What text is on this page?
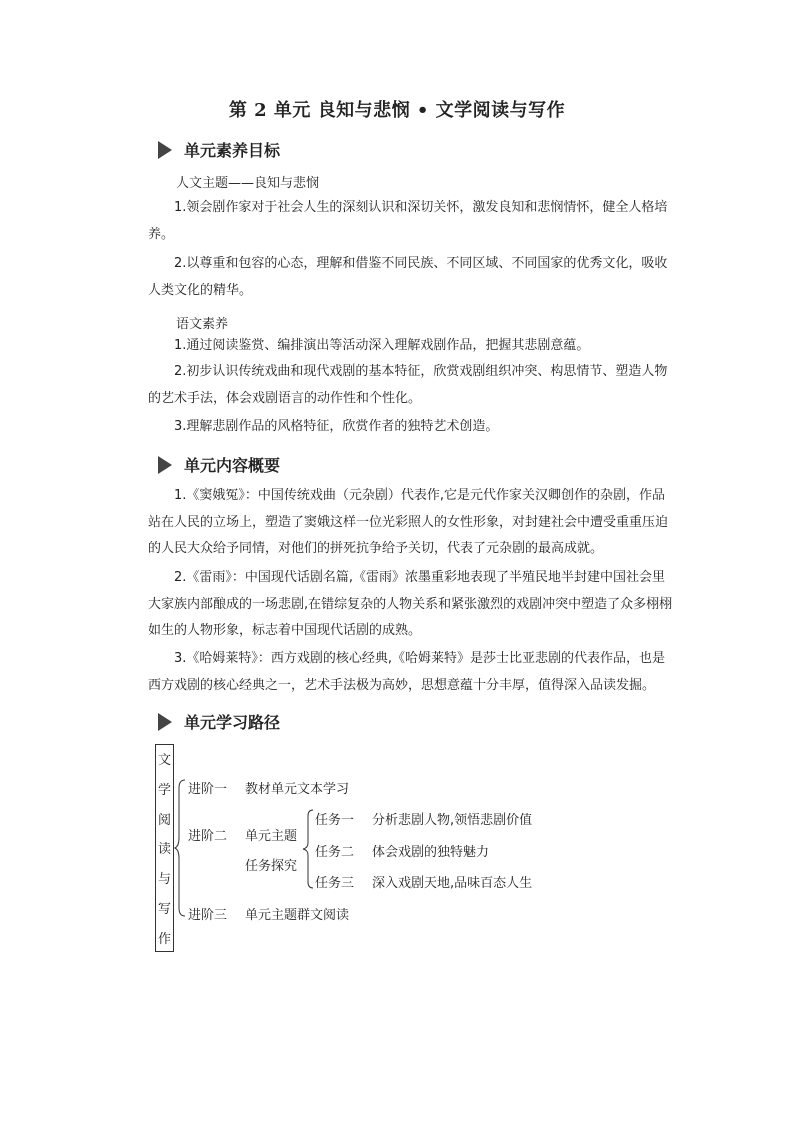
第 2 单元 良知与悲悯 • 文学阅读与写作
单元素养目标
人文主题——良知与悲悯
1.领会剧作家对于社会人生的深刻认识和深切关怀，激发良知和悲悯情怀，健全人格培养。
2.以尊重和包容的心态，理解和借鉴不同民族、不同区域、不同国家的优秀文化，吸收人类文化的精华。
语文素养
1.通过阅读鉴赏、编排演出等活动深入理解戏剧作品，把握其悲剧意蕴。
2.初步认识传统戏曲和现代戏剧的基本特征，欣赏戏剧组织冲突、构思情节、塑造人物的艺术手法，体会戏剧语言的动作性和个性化。
3.理解悲剧作品的风格特征，欣赏作者的独特艺术创造。
单元内容概要
1.《窦娥冤》：中国传统戏曲（元杂剧）代表作,它是元代作家关汉卿创作的杂剧，作品站在人民的立场上，塑造了窦娥这样一位光彩照人的女性形象，对封建社会中遭受重重压迫的人民大众给予同情，对他们的拼死抗争给予关切，代表了元杂剧的最高成就。
2.《雷雨》：中国现代话剧名篇,《雷雨》浓墨重彩地表现了半殖民地半封建中国社会里大家族内部酿成的一场悲剧,在错综复杂的人物关系和紧张激烈的戏剧冲突中塑造了众多栩栩如生的人物形象，标志着中国现代话剧的成熟。
3.《哈姆莱特》：西方戏剧的核心经典,《哈姆莱特》是莎士比亚悲剧的代表作品，也是西方戏剧的核心经典之一，艺术手法极为高妙，思想意蕴十分丰厚，值得深入品读发掘。
单元学习路径
文
学
阅
读
与
写
作
进阶一 教材单元文本学习
进阶二 单元主题
任务探究
任务一 分析悲剧人物,领悟悲剧价值
任务二 体会戏剧的独特魅力
任务三 深入戏剧天地,品味百态人生
进阶三 单元主题群文阅读
